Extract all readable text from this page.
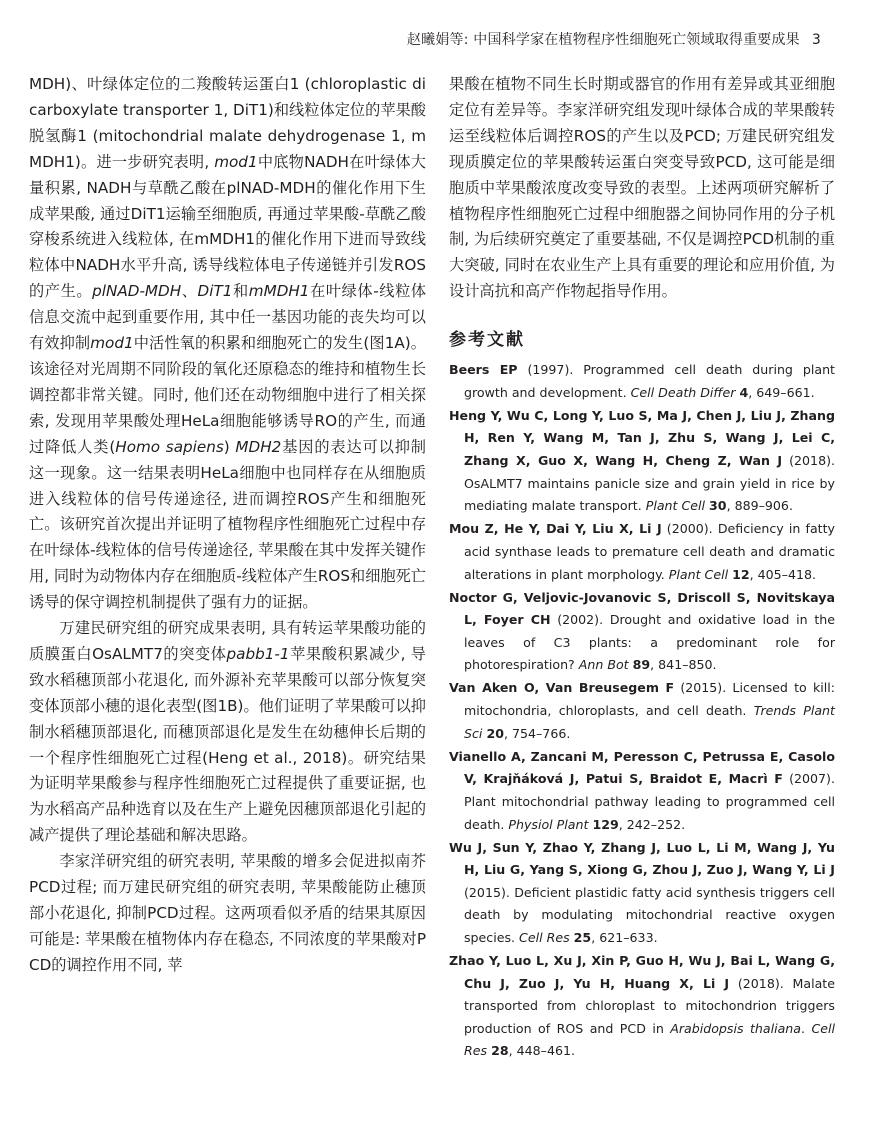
赵曦娟等: 中国科学家在植物程序性细胞死亡领域取得重要成果 3

MDH)、叶绿体定位的二羧酸转运蛋白1 (chloroplastic dicarboxylate transporter 1, DiT1)和线粒体定位的苹果酸脱氢酶1 (mitochondrial malate dehydrogenase 1, mMDH1)。进一步研究表明, mod1中底物NADH在叶绿体大量积累, NADH与草酰乙酸在plNAD-MDH的催化作用下生成苹果酸, 通过DiT1运输至细胞质, 再通过苹果酸-草酰乙酸穿梭系统进入线粒体, 在mMDH1的催化作用下进而导致线粒体中NADH水平升高, 诱导线粒体电子传递链并引发ROS的产生。plNAD-MDH、DiT1和mMDH1在叶绿体-线粒体信息交流中起到重要作用, 其中任一基因功能的丧失均可以有效抑制mod1中活性氧的积累和细胞死亡的发生(图1A)。该途径对光周期不同阶段的氧化还原稳态的维持和植物生长调控都非常关键。同时, 他们还在动物细胞中进行了相关探索, 发现用苹果酸处理HeLa细胞能够诱导RO的产生, 而通过降低人类(Homo sapiens) MDH2基因的表达可以抑制这一现象。这一结果表明HeLa细胞中也同样存在从细胞质进入线粒体的信号传递途径, 进而调控ROS产生和细胞死亡。该研究首次提出并证明了植物程序性细胞死亡过程中存在叶绿体-线粒体的信号传递途径, 苹果酸在其中发挥关键作用, 同时为动物体内存在细胞质-线粒体产生ROS和细胞死亡诱导的保守调控机制提供了强有力的证据。

万建民研究组的研究成果表明, 具有转运苹果酸功能的质膜蛋白OsALMT7的突变体pabb1-1苹果酸积累减少, 导致水稻穗顶部小花退化, 而外源补充苹果酸可以部分恢复突变体顶部小穗的退化表型(图1B)。他们证明了苹果酸可以抑制水稻穗顶部退化, 而穗顶部退化是发生在幼穗伸长后期的一个程序性细胞死亡过程(Heng et al., 2018)。研究结果为证明苹果酸参与程序性细胞死亡过程提供了重要证据, 也为水稻高产品种选育以及在生产上避免因穗顶部退化引起的减产提供了理论基础和解决思路。

李家洋研究组的研究表明, 苹果酸的增多会促进拟南芥PCD过程; 而万建民研究组的研究表明, 苹果酸能防止穗顶部小花退化, 抑制PCD过程。这两项看似矛盾的结果其原因可能是: 苹果酸在植物体内存在稳态, 不同浓度的苹果酸对PCD的调控作用不同, 苹

果酸在植物不同生长时期或器官的作用有差异或其亚细胞定位有差异等。李家洋研究组发现叶绿体合成的苹果酸转运至线粒体后调控ROS的产生以及PCD; 万建民研究组发现质膜定位的苹果酸转运蛋白突变导致PCD, 这可能是细胞质中苹果酸浓度改变导致的表型。上述两项研究解析了植物程序性细胞死亡过程中细胞器之间协同作用的分子机制, 为后续研究奠定了重要基础, 不仅是调控PCD机制的重大突破, 同时在农业生产上具有重要的理论和应用价值, 为设计高抗和高产作物起指导作用。

参考文献
Beers EP (1997). Programmed cell death during plant growth and development. Cell Death Differ 4, 649–661.
Heng Y, Wu C, Long Y, Luo S, Ma J, Chen J, Liu J, Zhang H, Ren Y, Wang M, Tan J, Zhu S, Wang J, Lei C, Zhang X, Guo X, Wang H, Cheng Z, Wan J (2018). OsALMT7 maintains panicle size and grain yield in rice by mediating malate transport. Plant Cell 30, 889–906.
Mou Z, He Y, Dai Y, Liu X, Li J (2000). Deficiency in fatty acid synthase leads to premature cell death and dramatic alterations in plant morphology. Plant Cell 12, 405–418.
Noctor G, Veljovic-Jovanovic S, Driscoll S, Novitskaya L, Foyer CH (2002). Drought and oxidative load in the leaves of C3 plants: a predominant role for photorespiration? Ann Bot 89, 841–850.
Van Aken O, Van Breusegem F (2015). Licensed to kill: mitochondria, chloroplasts, and cell death. Trends Plant Sci 20, 754–766.
Vianello A, Zancani M, Peresson C, Petrussa E, Casolo V, Krajňáková J, Patui S, Braidot E, Macrì F (2007). Plant mitochondrial pathway leading to programmed cell death. Physiol Plant 129, 242–252.
Wu J, Sun Y, Zhao Y, Zhang J, Luo L, Li M, Wang J, Yu H, Liu G, Yang S, Xiong G, Zhou J, Zuo J, Wang Y, Li J (2015). Deficient plastidic fatty acid synthesis triggers cell death by modulating mitochondrial reactive oxygen species. Cell Res 25, 621–633.
Zhao Y, Luo L, Xu J, Xin P, Guo H, Wu J, Bai L, Wang G, Chu J, Zuo J, Yu H, Huang X, Li J (2018). Malate transported from chloroplast to mitochondrion triggers production of ROS and PCD in Arabidopsis thaliana. Cell Res 28, 448–461.
